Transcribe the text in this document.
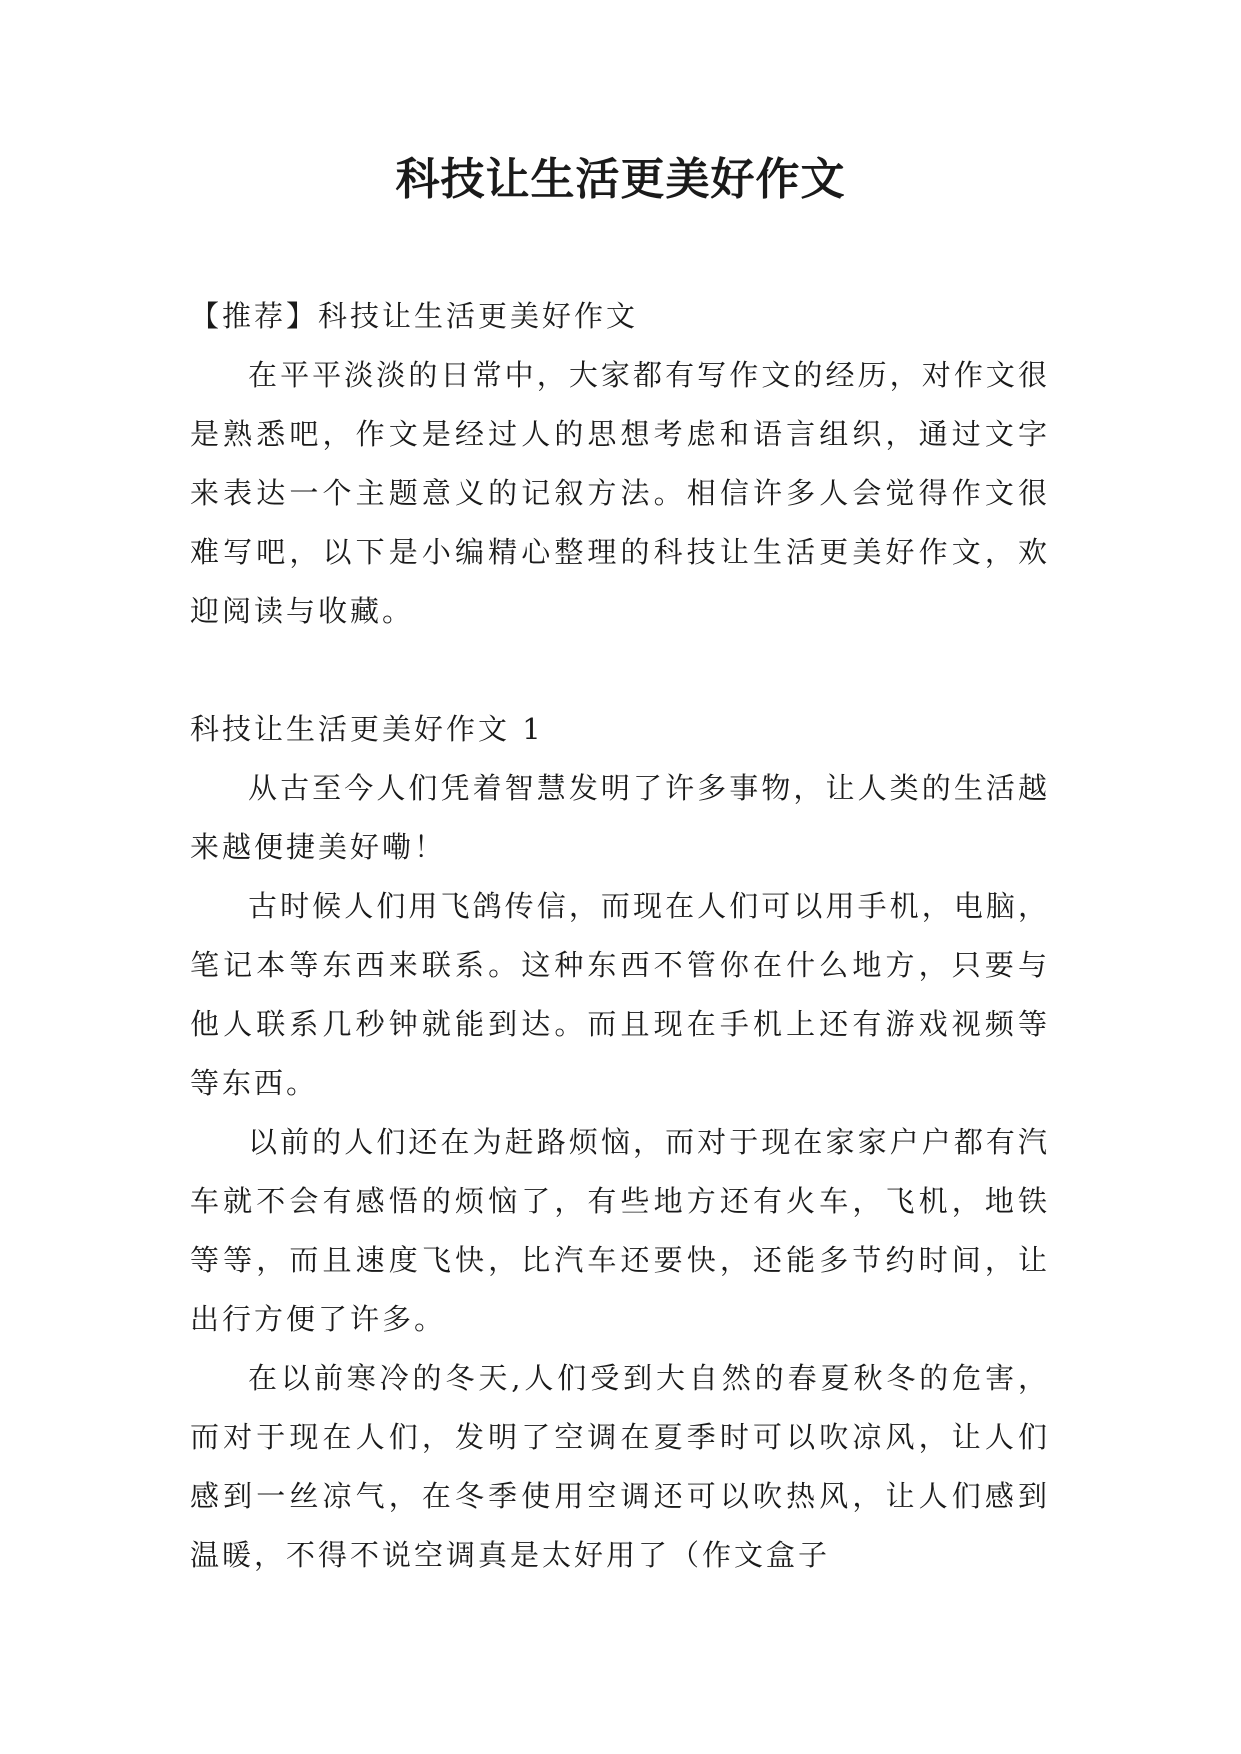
科技让生活更美好作文

【推荐】科技让生活更美好作文

在平平淡淡的日常中，大家都有写作文的经历，对作文很是熟悉吧，作文是经过人的思想考虑和语言组织，通过文字来表达一个主题意义的记叙方法。相信许多人会觉得作文很难写吧，以下是小编精心整理的科技让生活更美好作文，欢迎阅读与收藏。

科技让生活更美好作文 1

从古至今人们凭着智慧发明了许多事物，让人类的生活越来越便捷美好嘞！

古时候人们用飞鸽传信，而现在人们可以用手机，电脑，笔记本等东西来联系。这种东西不管你在什么地方，只要与他人联系几秒钟就能到达。而且现在手机上还有游戏视频等等东西。

以前的人们还在为赶路烦恼，而对于现在家家户户都有汽车就不会有感悟的烦恼了，有些地方还有火车，飞机，地铁等等，而且速度飞快，比汽车还要快，还能多节约时间，让出行方便了许多。

在以前寒冷的冬天,人们受到大自然的春夏秋冬的危害，而对于现在人们，发明了空调在夏季时可以吹凉风，让人们感到一丝凉气，在冬季使用空调还可以吹热风，让人们感到温暖，不得不说空调真是太好用了（作文盒子
